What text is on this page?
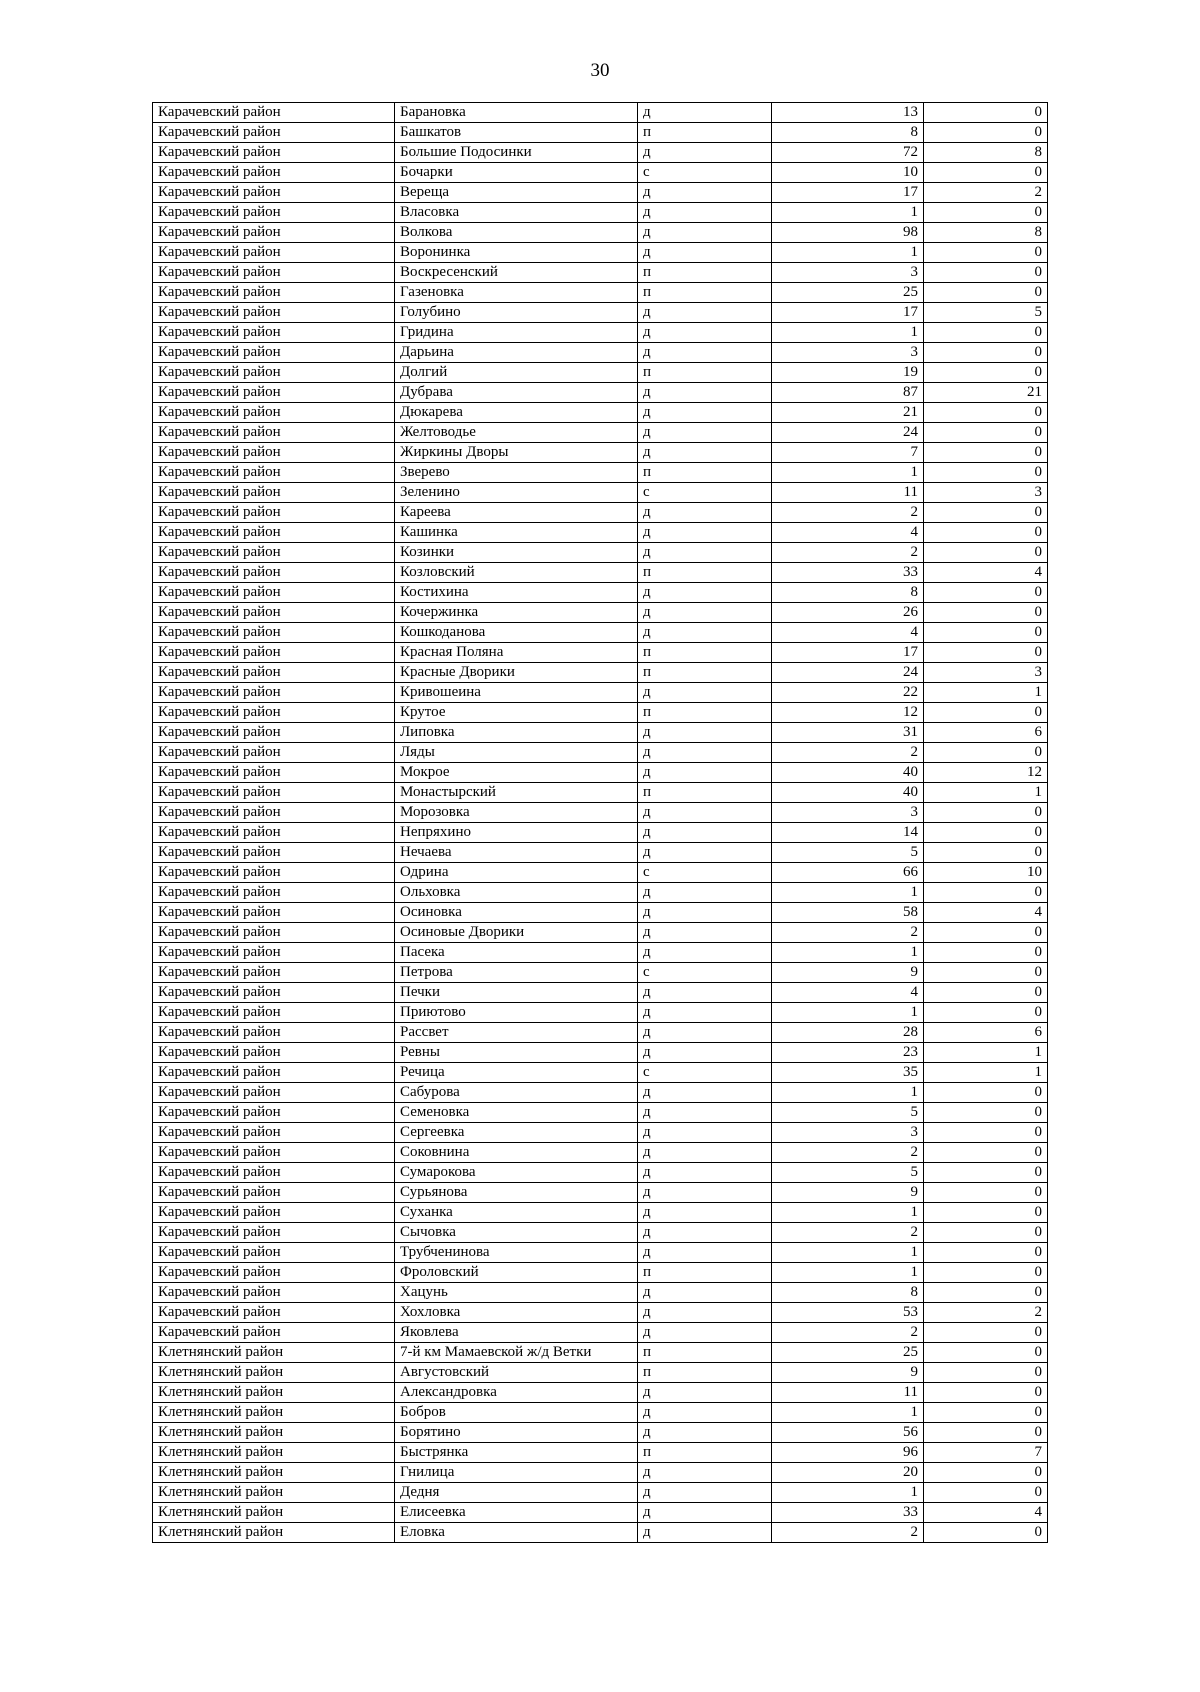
30
Карачевский район	Барановка	д	13	0
Карачевский район	Башкатов	п	8	0
Карачевский район	Большие Подосинки	д	72	8
Карачевский район	Бочарки	с	10	0
Карачевский район	Вереща	д	17	2
Карачевский район	Власовка	д	1	0
Карачевский район	Волкова	д	98	8
Карачевский район	Воронинка	д	1	0
Карачевский район	Воскресенский	п	3	0
Карачевский район	Газеновка	п	25	0
Карачевский район	Голубино	д	17	5
Карачевский район	Гридина	д	1	0
Карачевский район	Дарьина	д	3	0
Карачевский район	Долгий	п	19	0
Карачевский район	Дубрава	д	87	21
Карачевский район	Дюкарева	д	21	0
Карачевский район	Желтоводье	д	24	0
Карачевский район	Жиркины Дворы	д	7	0
Карачевский район	Зверево	п	1	0
Карачевский район	Зеленино	с	11	3
Карачевский район	Кареева	д	2	0
Карачевский район	Кашинка	д	4	0
Карачевский район	Козинки	д	2	0
Карачевский район	Козловский	п	33	4
Карачевский район	Костихина	д	8	0
Карачевский район	Кочержинка	д	26	0
Карачевский район	Кошкоданова	д	4	0
Карачевский район	Красная Поляна	п	17	0
Карачевский район	Красные Дворики	п	24	3
Карачевский район	Кривошеина	д	22	1
Карачевский район	Крутое	п	12	0
Карачевский район	Липовка	д	31	6
Карачевский район	Ляды	д	2	0
Карачевский район	Мокрое	д	40	12
Карачевский район	Монастырский	п	40	1
Карачевский район	Морозовка	д	3	0
Карачевский район	Непряхино	д	14	0
Карачевский район	Нечаева	д	5	0
Карачевский район	Одрина	с	66	10
Карачевский район	Ольховка	д	1	0
Карачевский район	Осиновка	д	58	4
Карачевский район	Осиновые Дворики	д	2	0
Карачевский район	Пасека	д	1	0
Карачевский район	Петрова	с	9	0
Карачевский район	Печки	д	4	0
Карачевский район	Приютово	д	1	0
Карачевский район	Рассвет	д	28	6
Карачевский район	Ревны	д	23	1
Карачевский район	Речица	с	35	1
Карачевский район	Сабурова	д	1	0
Карачевский район	Семеновка	д	5	0
Карачевский район	Сергеевка	д	3	0
Карачевский район	Соковнина	д	2	0
Карачевский район	Сумарокова	д	5	0
Карачевский район	Сурьянова	д	9	0
Карачевский район	Суханка	д	1	0
Карачевский район	Сычовка	д	2	0
Карачевский район	Трубченинова	д	1	0
Карачевский район	Фроловский	п	1	0
Карачевский район	Хацунь	д	8	0
Карачевский район	Хохловка	д	53	2
Карачевский район	Яковлева	д	2	0
Клетнянский район	7-й км Мамаевской ж/д Ветки	п	25	0
Клетнянский район	Августовский	п	9	0
Клетнянский район	Александровка	д	11	0
Клетнянский район	Бобров	д	1	0
Клетнянский район	Борятино	д	56	0
Клетнянский район	Быстрянка	п	96	7
Клетнянский район	Гнилица	д	20	0
Клетнянский район	Дедня	д	1	0
Клетнянский район	Елисеевка	д	33	4
Клетнянский район	Еловка	д	2	0
